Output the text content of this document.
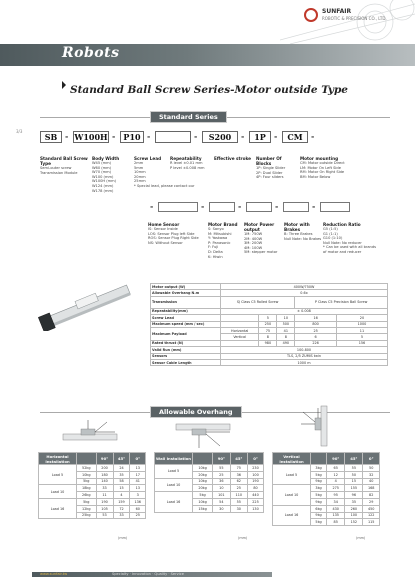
SUNFAIR
ROBOTIC & PRECISION CO., LTD.
Robots
Standard Ball Screw Series-Motor outside Type
Standard Series
3/3
SB - W100H -	P10 -	-	S200	-	1P	-	CM	-
Standard Ball Screw Type
Semi-outer screw Transmission Module
Body Width
W45 (mm)
W60 (mm)
W70 (mm)
W100 (mm)
W100H (mm)
W124 (mm)
W178 (mm)
Screw Lead
2mm
5mm
10mm
20mm
25mm
* Special lead, please contact our
Repeatability
R level ±0.01 mm
P level ±0.008 mm
Effective stroke	Number Of Blocks
1P: Single Slider
2P: Dual Slider
4P: Four sliders
Motor mounting
CM: Motor outside Direct
LM: Motor On Left Side
RM: Motor On Right Side
BM: Motor Below
-	-	-	-	-
Home Sensor
IS: Sensor Inside
LOS: Sensor Plug left Side
ROS: Sensor Plug Right Side
NS: Without Sensor
Motor Brand
S: Sanyo
M: Mitsubishi
Y: Yaskawa
P: Panasonic
F: Fuji
D: Delta
K: Hiwin
Motor Power output
1M: 750W
2M: 400W
3M: 200W
4M: 100W
5M: stepper motor
Motor with Brakes
B: Three Brakes
Null Note: No Brakes
Reduction Ratio
G5 (1:5)
G1 (1:1)
G10 (1:10)
Null Note: No reducer
* Can be used with all brands of motor and reducer
Motor output (W)	400W/750W				
Allowable Overhang N.m	0.6x				
Transmission	SJ Class C5 Rolled Screw			P Class C5 Precision Ball Screw	
Repeatability(mm)	± 0.008				
Screw Lead		5	10	16	20
Maximum speed (mm / sec)		250	500	800	1000
Maximum Payload	Horizontal	75	41	25	11
	Vertical	8	8	6	5
Rated thrust (N)		980	490	226	156
Valid Run (mm)	100-800				
Sensors	TLS, 2/5 ZUMIS twin				
Sensor Cable Length	1000 m				
Allowable Overhang
Horizontal Installation		90°	45°	0°
Load 5	52kg	200	24	13
	10kg	180	35	17
	5kg	140	58	41
Load 10	18kg	33	15	13
	26kg	11	4	3
Load 16	5kg	190	159	136
	12kg	105	72	60
	25kg	53	33	25
(mm)
Wall Installation		90°	45°	0°
Load 5	10kg	55	75	230
	20kg	25	36	100
Load 10	10kg	36	62	190
	20kg	10	25	80
Load 16	5kg	101	110	440
	10kg	54	55	225
	15kg	30	30	130
(mm)
Vertical Installation		90°	45°	0°
Load 5	3kg	65	55	50
	5kg	12	50	32
	9kg	4	15	40
Load 10	3kg	275	155	168
	5kg	95	96	82
	9kg	34	35	29
Load 16	6kg	430	260	450
	9kg	135	100	122
	5kg	85	152	115
(mm)
www.sunfair.tw	Specialty · Innovation · Quality · Service
